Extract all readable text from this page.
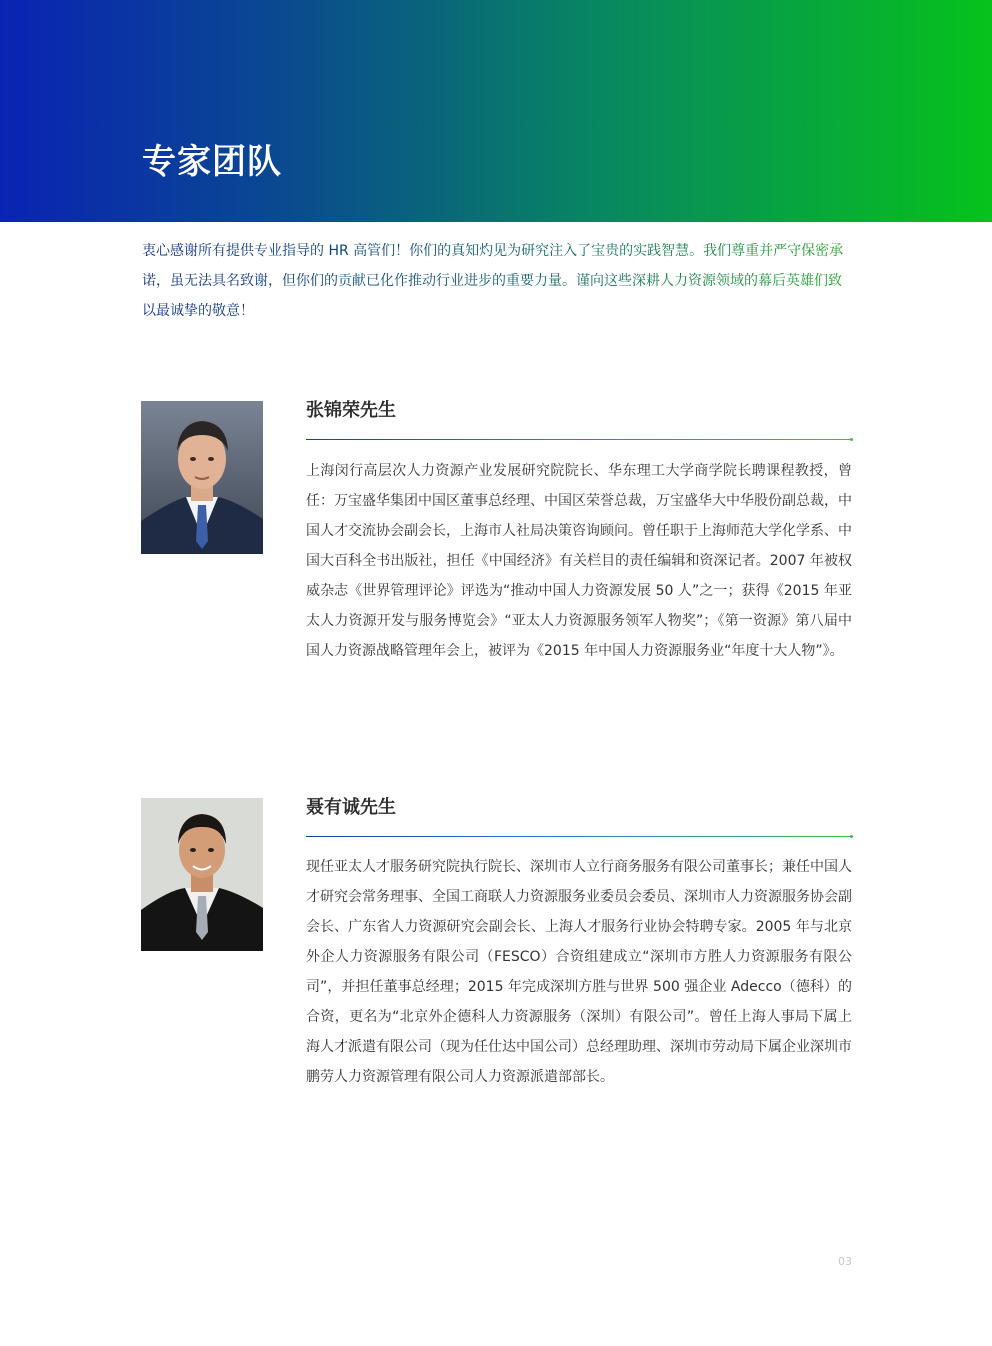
专家团队

衷心感谢所有提供专业指导的 HR 高管们！你们的真知灼见为研究注入了宝贵的实践智慧。我们尊重并严守保密承诺，虽无法具名致谢，但你们的贡献已化作推动行业进步的重要力量。谨向这些深耕人力资源领域的幕后英雄们致以最诚挚的敬意！

张锦荣先生

上海闵行高层次人力资源产业发展研究院院长、华东理工大学商学院长聘课程教授，曾任：万宝盛华集团中国区董事总经理、中国区荣誉总裁，万宝盛华大中华股份副总裁，中国人才交流协会副会长，上海市人社局决策咨询顾问。曾任职于上海师范大学化学系、中国大百科全书出版社，担任《中国经济》有关栏目的责任编辑和资深记者。2007 年被权威杂志《世界管理评论》评选为“推动中国人力资源发展 50 人”之一；获得《2015 年亚太人力资源开发与服务博览会》“亚太人力资源服务领军人物奖”；《第一资源》第八届中国人力资源战略管理年会上，被评为《2015 年中国人力资源服务业“年度十大人物”》。

聂有诚先生

现任亚太人才服务研究院执行院长、深圳市人立行商务服务有限公司董事长；兼任中国人才研究会常务理事、全国工商联人力资源服务业委员会委员、深圳市人力资源服务协会副会长、广东省人力资源研究会副会长、上海人才服务行业协会特聘专家。2005 年与北京外企人力资源服务有限公司（FESCO）合资组建成立“深圳市方胜人力资源服务有限公司”，并担任董事总经理；2015 年完成深圳方胜与世界 500 强企业 Adecco（德科）的合资，更名为“北京外企德科人力资源服务（深圳）有限公司”。曾任上海人事局下属上海人才派遣有限公司（现为任仕达中国公司）总经理助理、深圳市劳动局下属企业深圳市鹏劳人力资源管理有限公司人力资源派遣部部长。

03
